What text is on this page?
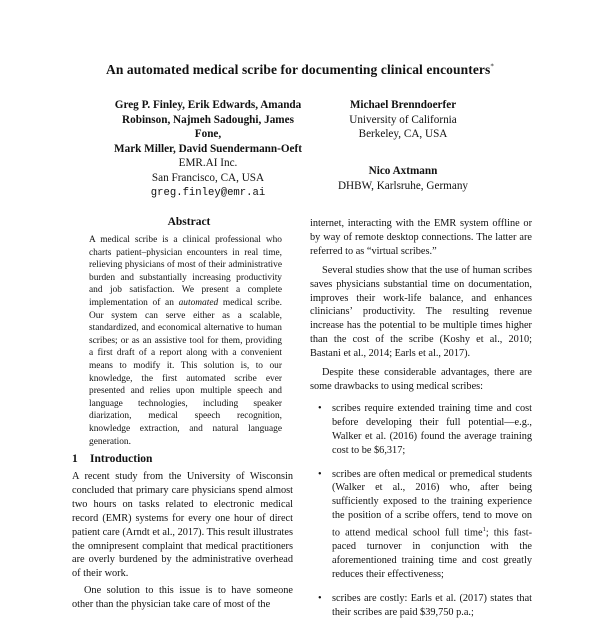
An automated medical scribe for documenting clinical encounters*
Greg P. Finley, Erik Edwards, Amanda
Robinson, Najmeh Sadoughi, James Fone,
Mark Miller, David Suendermann-Oeft
EMR.AI Inc.
San Francisco, CA, USA
greg.finley@emr.ai
Michael Brenndoerfer
University of California
Berkeley, CA, USA
Nico Axtmann
DHBW, Karlsruhe, Germany
Abstract
A medical scribe is a clinical professional who charts patient–physician encounters in real time, relieving physicians of most of their administrative burden and substantially increasing productivity and job satisfaction. We present a complete implementation of an automated medical scribe. Our system can serve either as a scalable, standardized, and economical alternative to human scribes; or as an assistive tool for them, providing a first draft of a report along with a convenient means to modify it. This solution is, to our knowledge, the first automated scribe ever presented and relies upon multiple speech and language technologies, including speaker diarization, medical speech recognition, knowledge extraction, and natural language generation.
1 Introduction

A recent study from the University of Wisconsin concluded that primary care physicians spend almost two hours on tasks related to electronic medical record (EMR) systems for every one hour of direct patient care (Arndt et al., 2017). This result illustrates the omnipresent complaint that medical practitioners are overly burdened by the administrative overhead of their work.

One solution to this issue is to have someone other than the physician take care of most of the

internet, interacting with the EMR system offline or by way of remote desktop connections. The latter are referred to as “virtual scribes.”

Several studies show that the use of human scribes saves physicians substantial time on documentation, improves their work-life balance, and enhances clinicians’ productivity. The resulting revenue increase has the potential to be multiple times higher than the cost of the scribe (Koshy et al., 2010; Bastani et al., 2014; Earls et al., 2017).

Despite these considerable advantages, there are some drawbacks to using medical scribes:

• scribes require extended training time and cost before developing their full potential—e.g., Walker et al. (2016) found the average training cost to be $6,317;
• scribes are often medical or premedical students (Walker et al., 2016) who, after being sufficiently exposed to the training experience the position of a scribe offers, tend to move on to attend medical school full time$^1$; this fast-paced turnover in conjunction with the aforementioned training time and cost greatly reduces their effectiveness;
• scribes are costly: Earls et al. (2017) states that their scribes are paid $39,750 p.a.;
